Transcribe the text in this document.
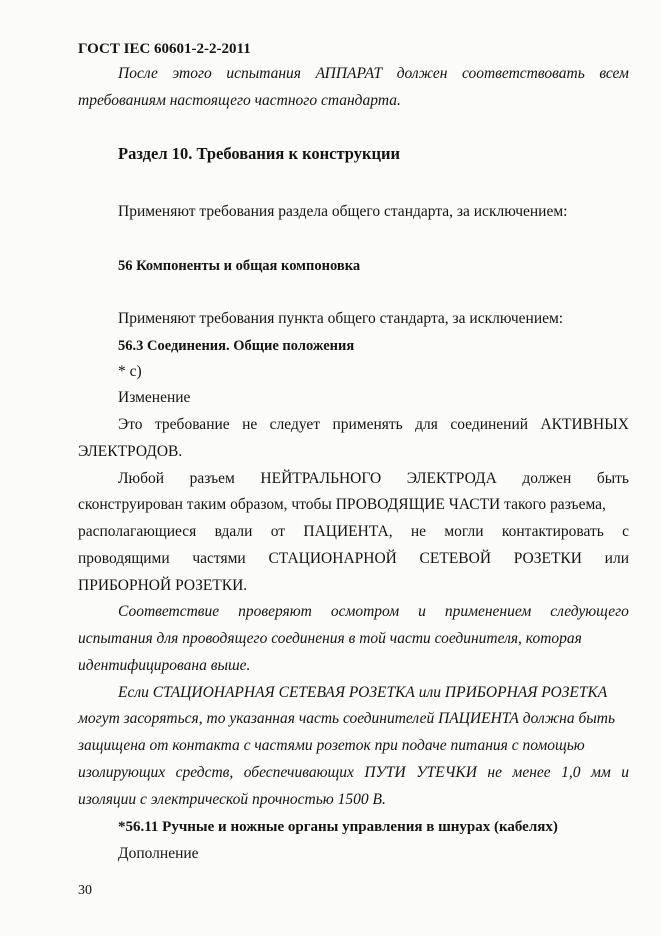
ГОСТ IEC 60601-2-2-2011
После этого испытания АППАРАТ должен соответствовать всем
требованиям настоящего частного стандарта.
Раздел 10. Требования к конструкции
Применяют требования раздела общего стандарта, за исключением:
56 Компоненты и общая компоновка
Применяют требования пункта общего стандарта, за исключением:
56.3 Соединения. Общие положения
* с)
Изменение
Это требование не следует применять для соединений АКТИВНЫХ
ЭЛЕКТРОДОВ.
Любой разъем НЕЙТРАЛЬНОГО ЭЛЕКТРОДА должен быть
сконструирован таким образом, чтобы ПРОВОДЯЩИЕ ЧАСТИ такого разъема,
располагающиеся вдали от ПАЦИЕНТА, не могли контактировать с
проводящими частями СТАЦИОНАРНОЙ СЕТЕВОЙ РОЗЕТКИ или
ПРИБОРНОЙ РОЗЕТКИ.
Соответствие проверяют осмотром и применением следующего
испытания для проводящего соединения в той части соединителя, которая
идентифицирована выше.
Если СТАЦИОНАРНАЯ СЕТЕВАЯ РОЗЕТКА или ПРИБОРНАЯ РОЗЕТКА
могут засоряться, то указанная часть соединителей ПАЦИЕНТА должна быть
защищена от контакта с частями розеток при подаче питания с помощью
изолирующих средств, обеспечивающих ПУТИ УТЕЧКИ не менее 1,0 мм и
изоляции с электрической прочностью 1500 В.
*56.11 Ручные и ножные органы управления в шнурах (кабелях)
Дополнение
30
